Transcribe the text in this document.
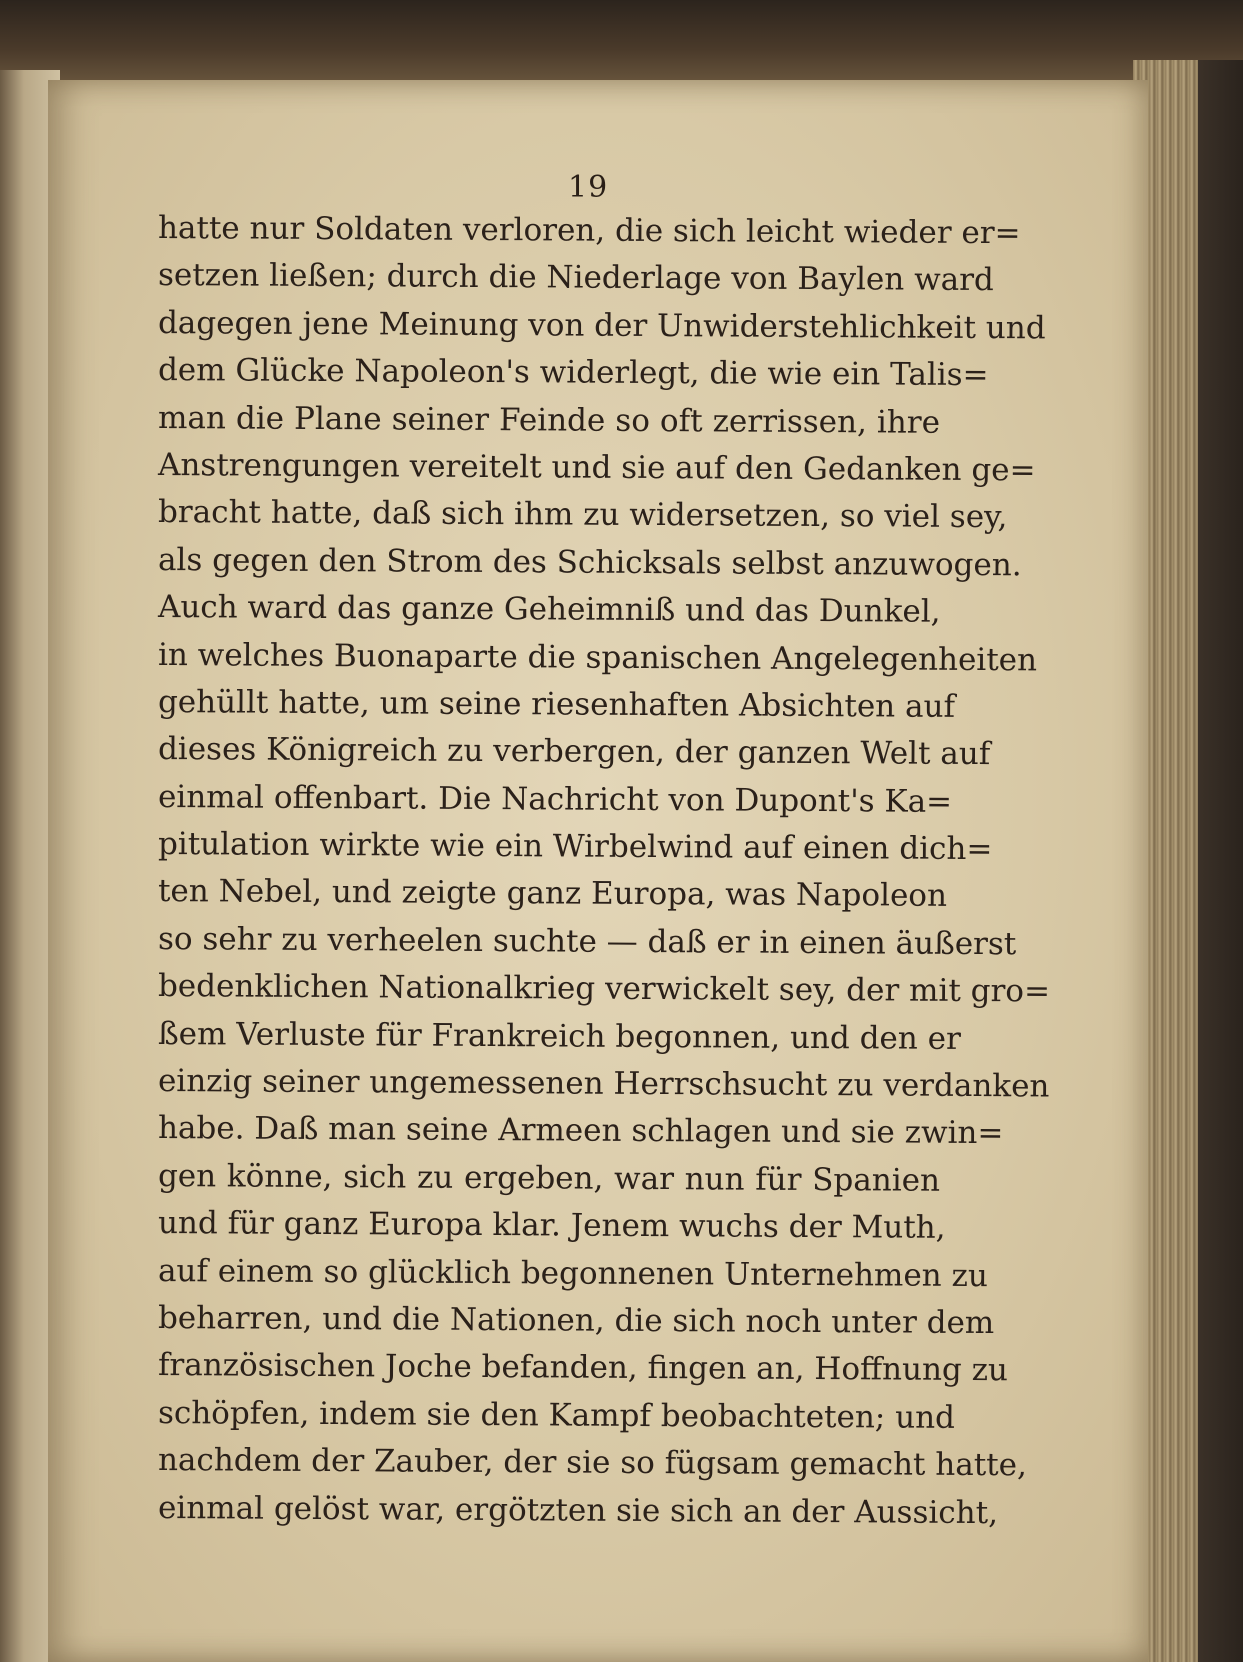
19
hatte nur Soldaten verloren, die sich leicht wieder er=
setzen ließen; durch die Niederlage von Baylen ward
dagegen jene Meinung von der Unwiderstehlichkeit und
dem Glücke Napoleon's widerlegt, die wie ein Talis=
man die Plane seiner Feinde so oft zerrissen, ihre
Anstrengungen vereitelt und sie auf den Gedanken ge=
bracht hatte, daß sich ihm zu widersetzen, so viel sey,
als gegen den Strom des Schicksals selbst anzuwogen.
Auch ward das ganze Geheimniß und das Dunkel,
in welches Buonaparte die spanischen Angelegenheiten
gehüllt hatte, um seine riesenhaften Absichten auf
dieses Königreich zu verbergen, der ganzen Welt auf
einmal offenbart. Die Nachricht von Dupont's Ka=
pitulation wirkte wie ein Wirbelwind auf einen dich=
ten Nebel, und zeigte ganz Europa, was Napoleon
so sehr zu verheelen suchte — daß er in einen äußerst
bedenklichen Nationalkrieg verwickelt sey, der mit gro=
ßem Verluste für Frankreich begonnen, und den er
einzig seiner ungemessenen Herrschsucht zu verdanken
habe. Daß man seine Armeen schlagen und sie zwin=
gen könne, sich zu ergeben, war nun für Spanien
und für ganz Europa klar. Jenem wuchs der Muth,
auf einem so glücklich begonnenen Unternehmen zu
beharren, und die Nationen, die sich noch unter dem
französischen Joche befanden, fingen an, Hoffnung zu
schöpfen, indem sie den Kampf beobachteten; und
nachdem der Zauber, der sie so fügsam gemacht hatte,
einmal gelöst war, ergötzten sie sich an der Aussicht,
